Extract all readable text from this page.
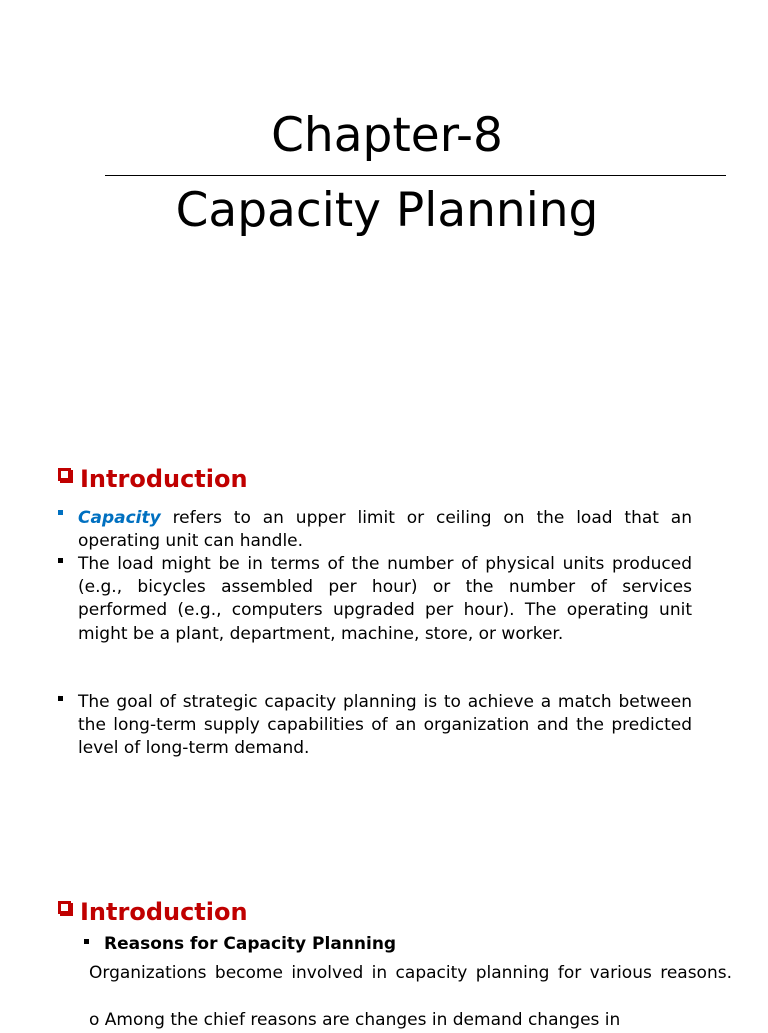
Chapter-8
Capacity Planning
Introduction
Capacity refers to an upper limit or ceiling on the load that an operating unit can handle.
The load might be in terms of the number of physical units produced (e.g., bicycles assembled per hour) or the number of services performed (e.g., computers upgraded per hour). The operating unit might be a plant, department, machine, store, or worker.
The goal of strategic capacity planning is to achieve a match between the long-term supply capabilities of an organization and the predicted level of long-term demand.
Introduction
Reasons for Capacity Planning
Organizations become involved in capacity planning for various reasons.
o Among the chief reasons are changes in demand changes in
